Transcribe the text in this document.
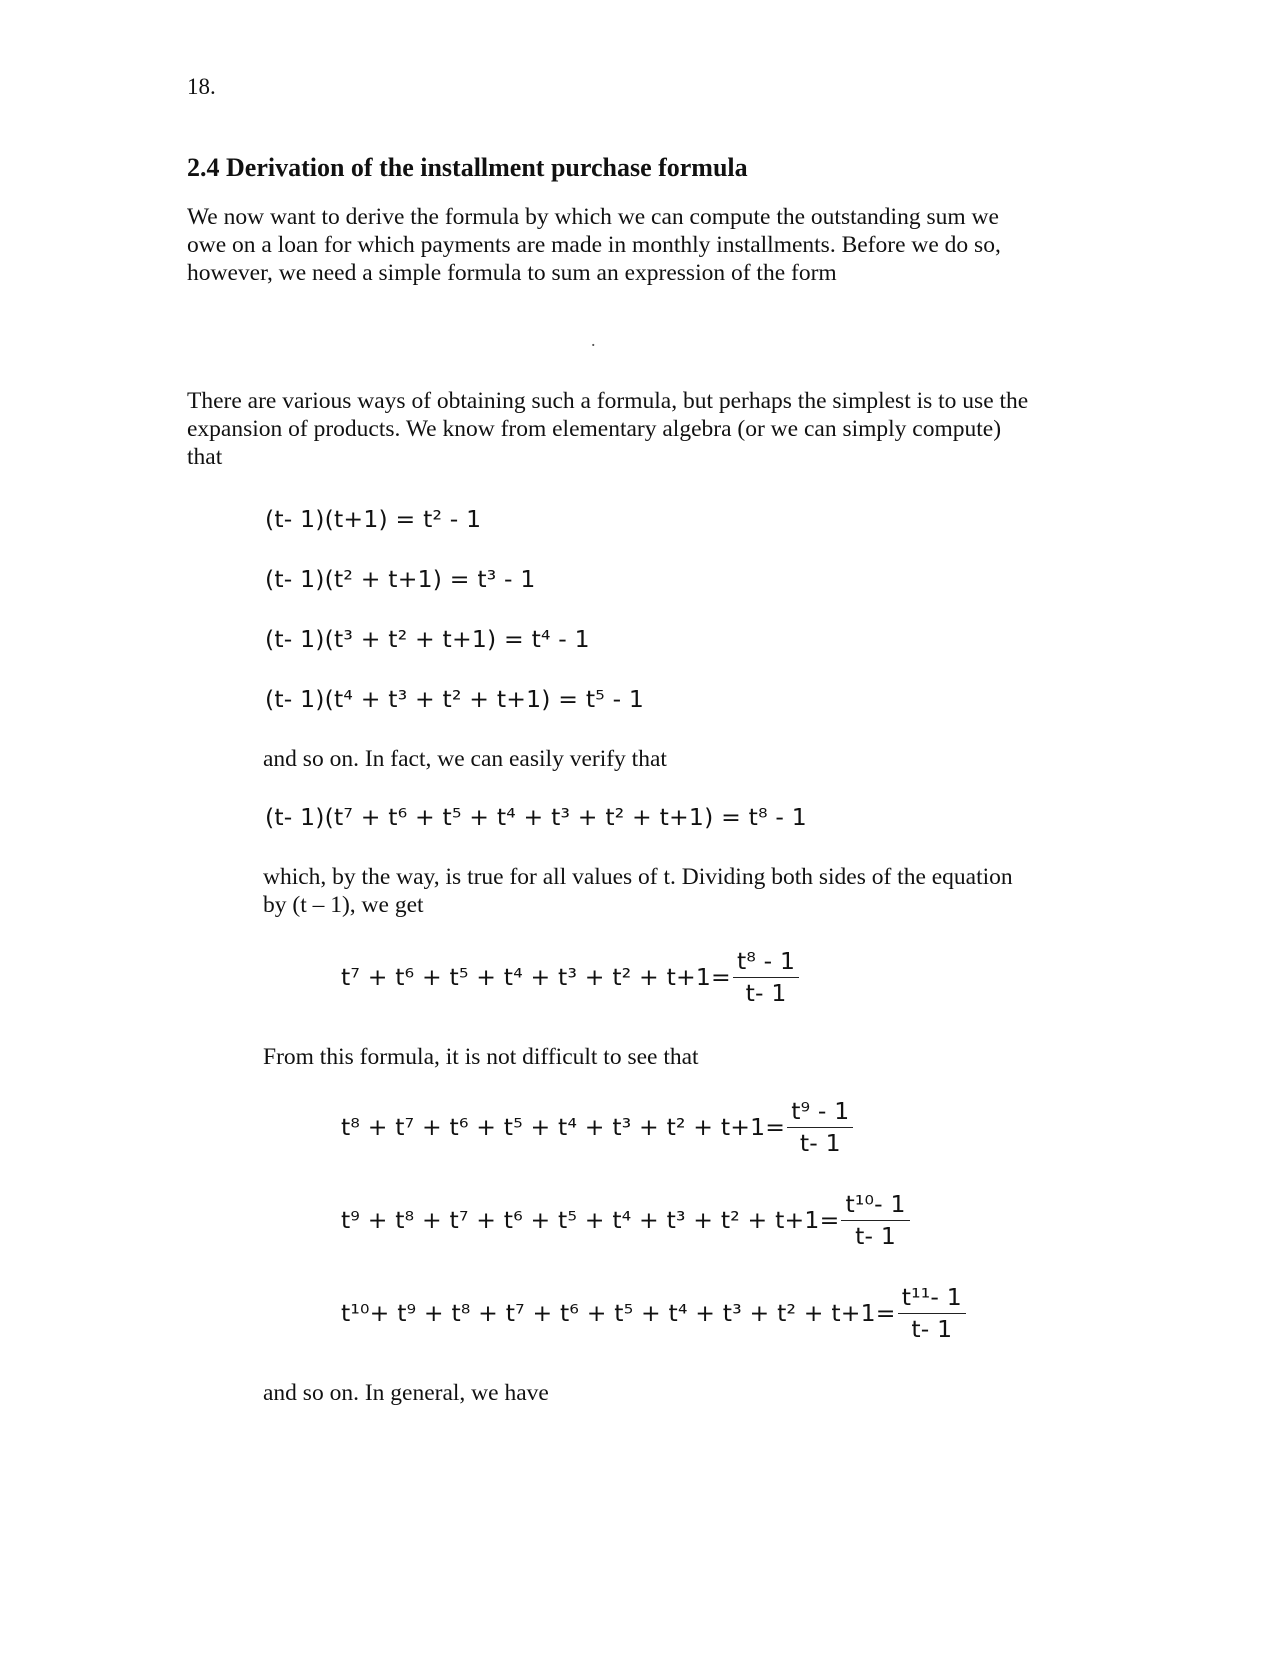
18.
2.4 Derivation of the installment purchase formula
We now want to derive the formula by which we can compute the outstanding sum we
owe on a loan for which payments are made in monthly installments. Before we do so,
however, we need a simple formula to sum an expression of the form
.
There are various ways of obtaining such a formula, but perhaps the simplest is to use the
expansion of products. We know from elementary algebra (or we can simply compute)
that
(t- 1)(t+1) = t² - 1
(t- 1)(t² + t+1) = t³ - 1
(t- 1)(t³ + t² + t+1) = t⁴ - 1
(t- 1)(t⁴ + t³ + t² + t+1) = t⁵ - 1
and so on. In fact, we can easily verify that
(t- 1)(t⁷ + t⁶ + t⁵ + t⁴ + t³ + t² + t+1) = t⁸ - 1
which, by the way, is true for all values of t. Dividing both sides of the equation
by (t – 1), we get
$t^7 + t^6 + t^5 + t^4 + t^3 + t^2 + t+1= \frac{\text{t⁸ - 1}}{t- 1}$
From this formula, it is not difficult to see that
$t^8 + t^7 + t^6 + t^5 + t^4 + t^3 + t^2 + t+1= \frac{\text{t⁹ - 1}}{t- 1}$
$t^9 + t^8 + t^7 + t^6 + t^5 + t^4 + t^3 + t^2 + t+1= \frac{\text{t¹⁰- 1}}{t- 1}$
$t^{10}+ t^9 + t^8 + t^7 + t^6 + t^5 + t^4 + t^3 + t^2 + t+1= \frac{\text{t¹¹- 1}}{t- 1}$
and so on. In general, we have
